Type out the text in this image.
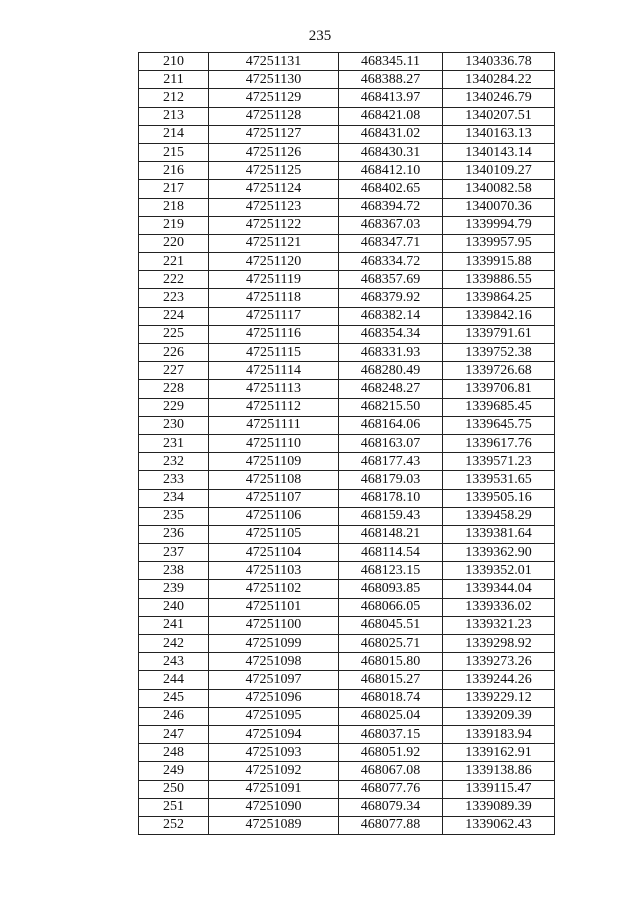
235
210	47251131	468345.11	1340336.78
211	47251130	468388.27	1340284.22
212	47251129	468413.97	1340246.79
213	47251128	468421.08	1340207.51
214	47251127	468431.02	1340163.13
215	47251126	468430.31	1340143.14
216	47251125	468412.10	1340109.27
217	47251124	468402.65	1340082.58
218	47251123	468394.72	1340070.36
219	47251122	468367.03	1339994.79
220	47251121	468347.71	1339957.95
221	47251120	468334.72	1339915.88
222	47251119	468357.69	1339886.55
223	47251118	468379.92	1339864.25
224	47251117	468382.14	1339842.16
225	47251116	468354.34	1339791.61
226	47251115	468331.93	1339752.38
227	47251114	468280.49	1339726.68
228	47251113	468248.27	1339706.81
229	47251112	468215.50	1339685.45
230	47251111	468164.06	1339645.75
231	47251110	468163.07	1339617.76
232	47251109	468177.43	1339571.23
233	47251108	468179.03	1339531.65
234	47251107	468178.10	1339505.16
235	47251106	468159.43	1339458.29
236	47251105	468148.21	1339381.64
237	47251104	468114.54	1339362.90
238	47251103	468123.15	1339352.01
239	47251102	468093.85	1339344.04
240	47251101	468066.05	1339336.02
241	47251100	468045.51	1339321.23
242	47251099	468025.71	1339298.92
243	47251098	468015.80	1339273.26
244	47251097	468015.27	1339244.26
245	47251096	468018.74	1339229.12
246	47251095	468025.04	1339209.39
247	47251094	468037.15	1339183.94
248	47251093	468051.92	1339162.91
249	47251092	468067.08	1339138.86
250	47251091	468077.76	1339115.47
251	47251090	468079.34	1339089.39
252	47251089	468077.88	1339062.43
